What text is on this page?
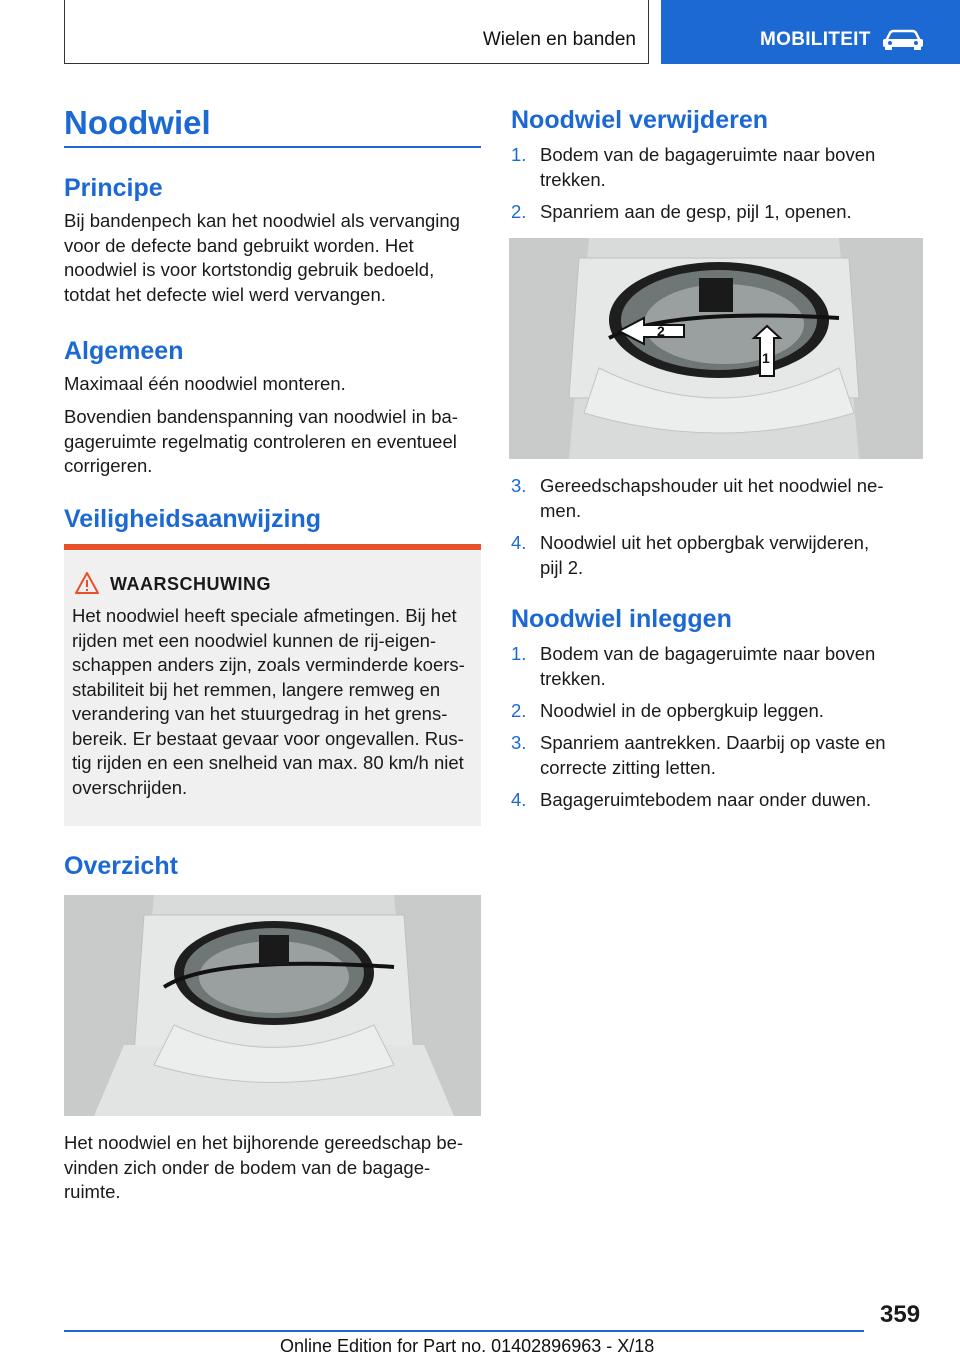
Wielen en banden	MOBILITEIT
Noodwiel
Principe
Bij bandenpech kan het noodwiel als vervanging
voor de defecte band gebruikt worden. Het
noodwiel is voor kortstondig gebruik bedoeld,
totdat het defecte wiel werd vervangen.
Algemeen
Maximaal één noodwiel monteren.
Bovendien bandenspanning van noodwiel in ba-
gageruimte regelmatig controleren en eventueel
corrigeren.
Veiligheidsaanwijzing
WAARSCHUWING
Het noodwiel heeft speciale afmetingen. Bij het
rijden met een noodwiel kunnen de rij-eigen-
schappen anders zijn, zoals verminderde koers-
stabiliteit bij het remmen, langere remweg en
verandering van het stuurgedrag in het grens-
bereik. Er bestaat gevaar voor ongevallen. Rus-
tig rijden en een snelheid van max. 80 km/h niet
overschrijden.
Overzicht
Het noodwiel en het bijhorende gereedschap be-
vinden zich onder de bodem van de bagage-
ruimte.
Noodwiel verwijderen
1. Bodem van de bagageruimte naar boven
trekken.
2. Spanriem aan de gesp, pijl 1, openen.
2
1
3. Gereedschapshouder uit het noodwiel ne-
men.
4. Noodwiel uit het opbergbak verwijderen,
pijl 2.
Noodwiel inleggen
1. Bodem van de bagageruimte naar boven
trekken.
2. Noodwiel in de opbergkuip leggen.
3. Spanriem aantrekken. Daarbij op vaste en
correcte zitting letten.
4. Bagageruimtebodem naar onder duwen.
359
Online Edition for Part no. 01402896963 - X/18
